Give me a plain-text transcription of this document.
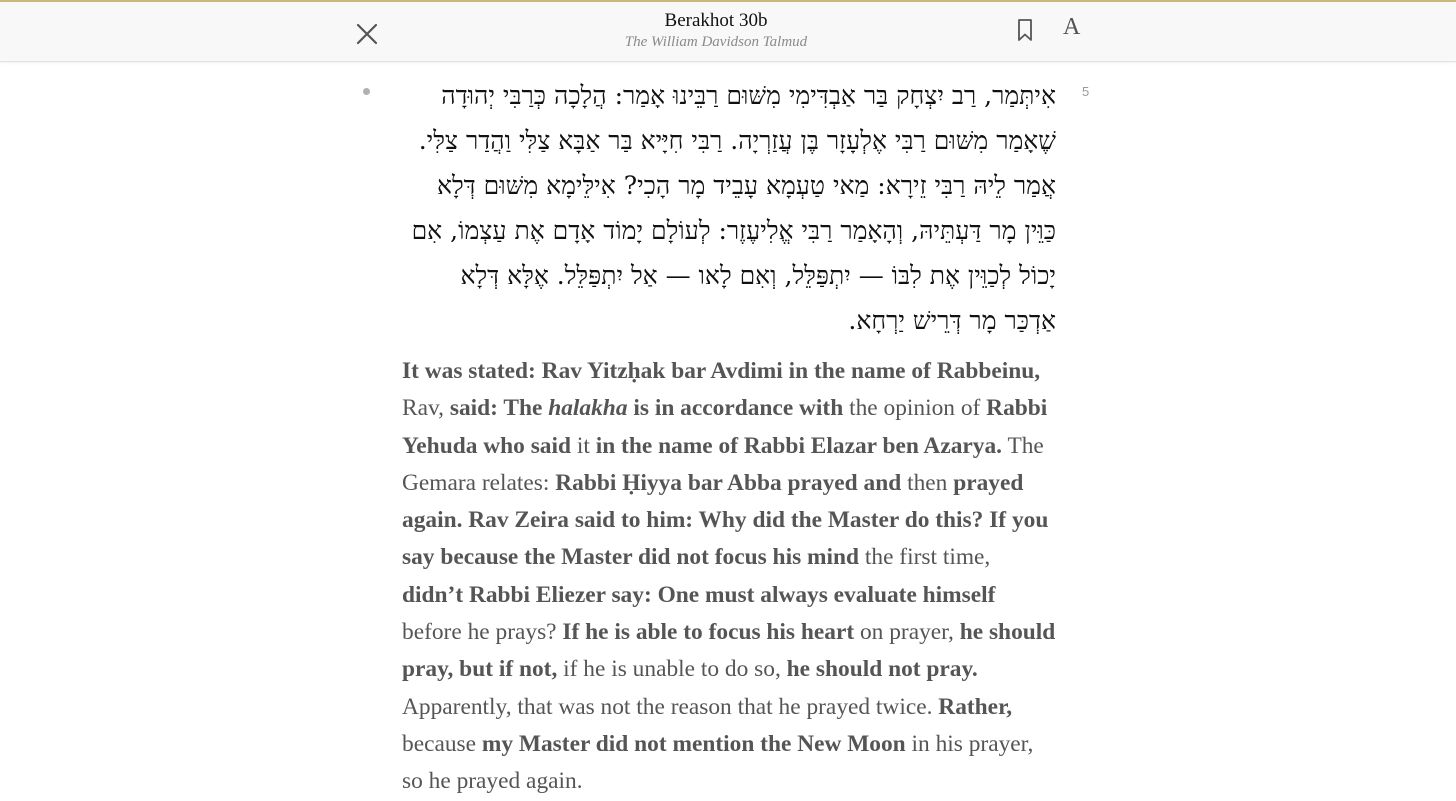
Berakhot 30b
The William Davidson Talmud
A
5
אִיתְּמַר, רַב יִצְחָק בַּר אַבְדִּימִי מִשּׁוּם רַבֵּינוּ אָמַר: הֲלָכָה כְּרַבִּי יְהוּדָה שֶׁאָמַר מִשּׁוּם רַבִּי אֶלְעָזָר בֶּן עֲזַרְיָה. רַבִּי חִיָּיא בַּר אַבָּא צַלִּי וַהֲדַר צַלִּי. אֲמַר לֵיהּ רַבִּי זֵירָא: מַאי טַעְמָא עָבֵיד מָר הָכִי? אִילֵּימָא מִשּׁוּם דְּלָא כַּוֵּין מָר דַּעְתֵּיהּ, וְהָאָמַר רַבִּי אֱלִיעֶזֶר: לְעוֹלָם יָמוֹד אָדָם אֶת עַצְמוֹ, אִם יָכוֹל לְכַוֵּין אֶת לִבּוֹ — יִתְפַּלֵּל, וְאִם לָאו — אַל יִתְפַּלֵּל. אֶלָּא דְּלָא אַדְכַּר מָר דְּרֵישׁ יַרְחָא.
It was stated: Rav Yitzḥak bar Avdimi in the name of Rabbeinu, Rav, said: The halakha is in accordance with the opinion of Rabbi Yehuda who said it in the name of Rabbi Elazar ben Azarya. The Gemara relates: Rabbi Ḥiyya bar Abba prayed and then prayed again. Rav Zeira said to him: Why did the Master do this? If you say because the Master did not focus his mind the first time, didn’t Rabbi Eliezer say: One must always evaluate himself before he prays? If he is able to focus his heart on prayer, he should pray, but if not, if he is unable to do so, he should not pray. Apparently, that was not the reason that he prayed twice. Rather, because my Master did not mention the New Moon in his prayer, so he prayed again.
